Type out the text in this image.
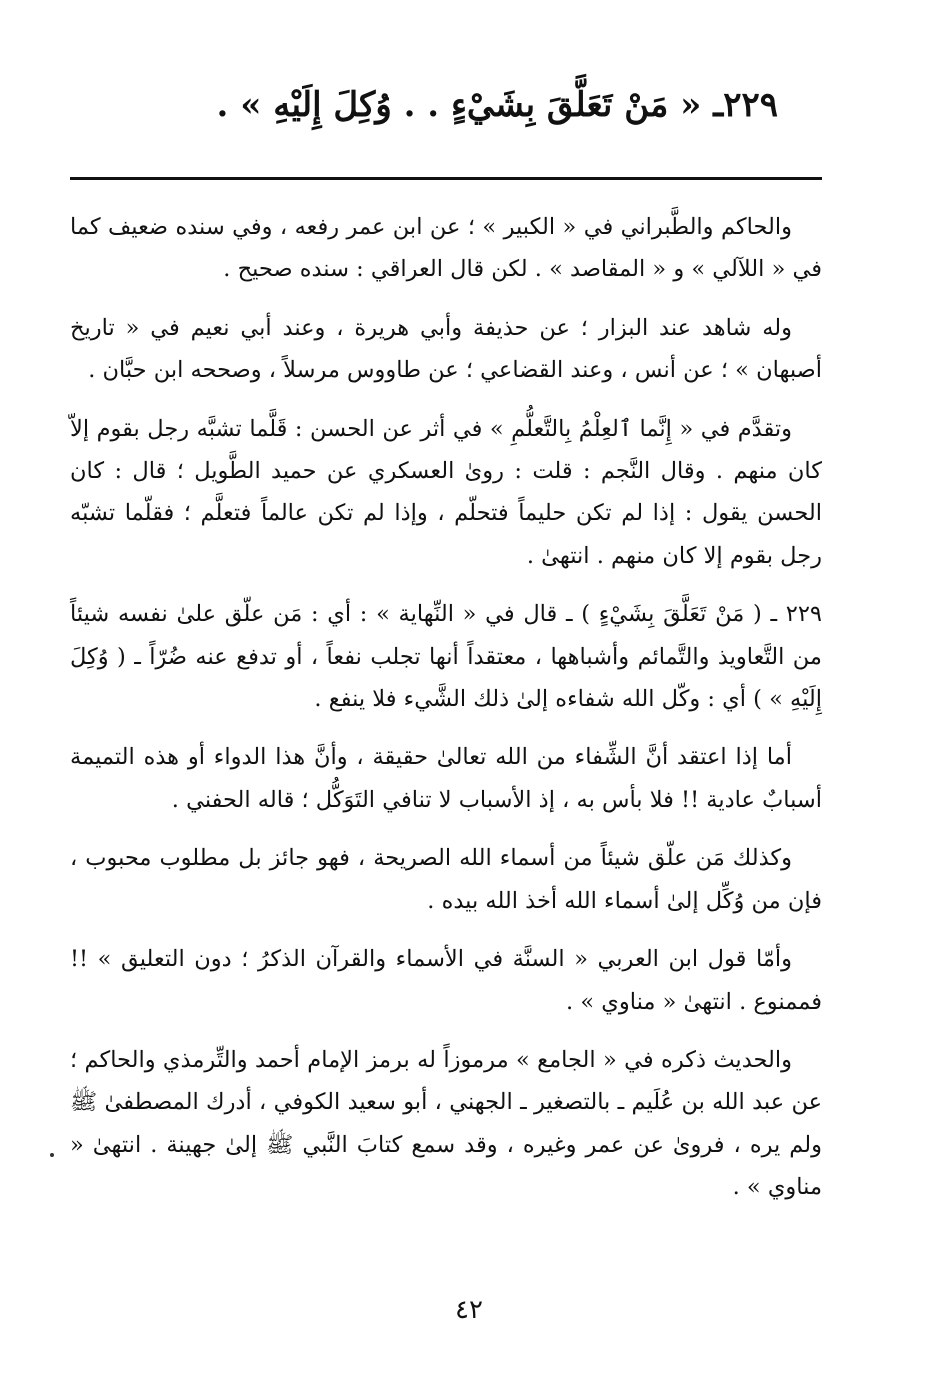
٢٢٩ـ « مَنْ تَعَلَّقَ بِشَيْءٍ . . وُكِلَ إِلَيْهِ » .

والحاكم والطَّبراني في « الكبير » ؛ عن ابن عمر رفعه ، وفي سنده ضعيف كما في « اللآلي » و « المقاصد » . لكن قال العراقي : سنده صحيح .

وله شاهد عند البزار ؛ عن حذيفة وأبي هريرة ، وعند أبي نعيم في « تاريخ أصبهان » ؛ عن أنس ، وعند القضاعي ؛ عن طاووس مرسلاً ، وصححه ابن حبَّان .

وتقدَّم في « إِنَّما ٱلعِلْمُ بِالتَّعلُّمِ » في أثر عن الحسن : قَلَّما تشبَّه رجل بقوم إلاّ كان منهم . وقال النَّجم : قلت : روىٰ العسكري عن حميد الطَّويل ؛ قال : كان الحسن يقول : إذا لم تكن حليماً فتحلّم ، وإذا لم تكن عالماً فتعلَّم ؛ فقلّما تشبّه رجل بقوم إلا كان منهم . انتهىٰ .

٢٢٩ ـ ( مَنْ تَعَلَّقَ بِشَيْءٍ ) ـ قال في « النِّهاية » : أي : مَن علّق علىٰ نفسه شيئاً من التَّعاويذ والتَّمائم وأشباهها ، معتقداً أنها تجلب نفعاً ، أو تدفع عنه ضُرّاً ـ ( وُكِلَ إِلَيْهِ » ) أي : وكّل الله شفاءه إلىٰ ذلك الشَّيء فلا ينفع .

أما إذا اعتقد أنَّ الشِّفاء من الله تعالىٰ حقيقة ، وأنَّ هذا الدواء أو هذه التميمة أسبابٌ عادية !! فلا بأس به ، إذ الأسباب لا تنافي التَوَكُّل ؛ قاله الحفني .

وكذلك مَن علّق شيئاً من أسماء الله الصريحة ، فهو جائز بل مطلوب محبوب ، فإن من وُكِّل إلىٰ أسماء الله أخذ الله بيده .

وأمّا قول ابن العربي « السنَّة في الأسماء والقرآن الذكرُ ؛ دون التعليق » !! فممنوع . انتهىٰ « مناوي » .

والحديث ذكره في « الجامع » مرموزاً له برمز الإمام أحمد والتِّرمذي والحاكم ؛ عن عبد الله بن عُلَيم ـ بالتصغير ـ الجهني ، أبو سعيد الكوفي ، أدرك المصطفىٰ ﷺ ولم يره ، فروىٰ عن عمر وغيره ، وقد سمع كتابَ النَّبي ﷺ إلىٰ جهينة . انتهىٰ « مناوي » .

٤٢
